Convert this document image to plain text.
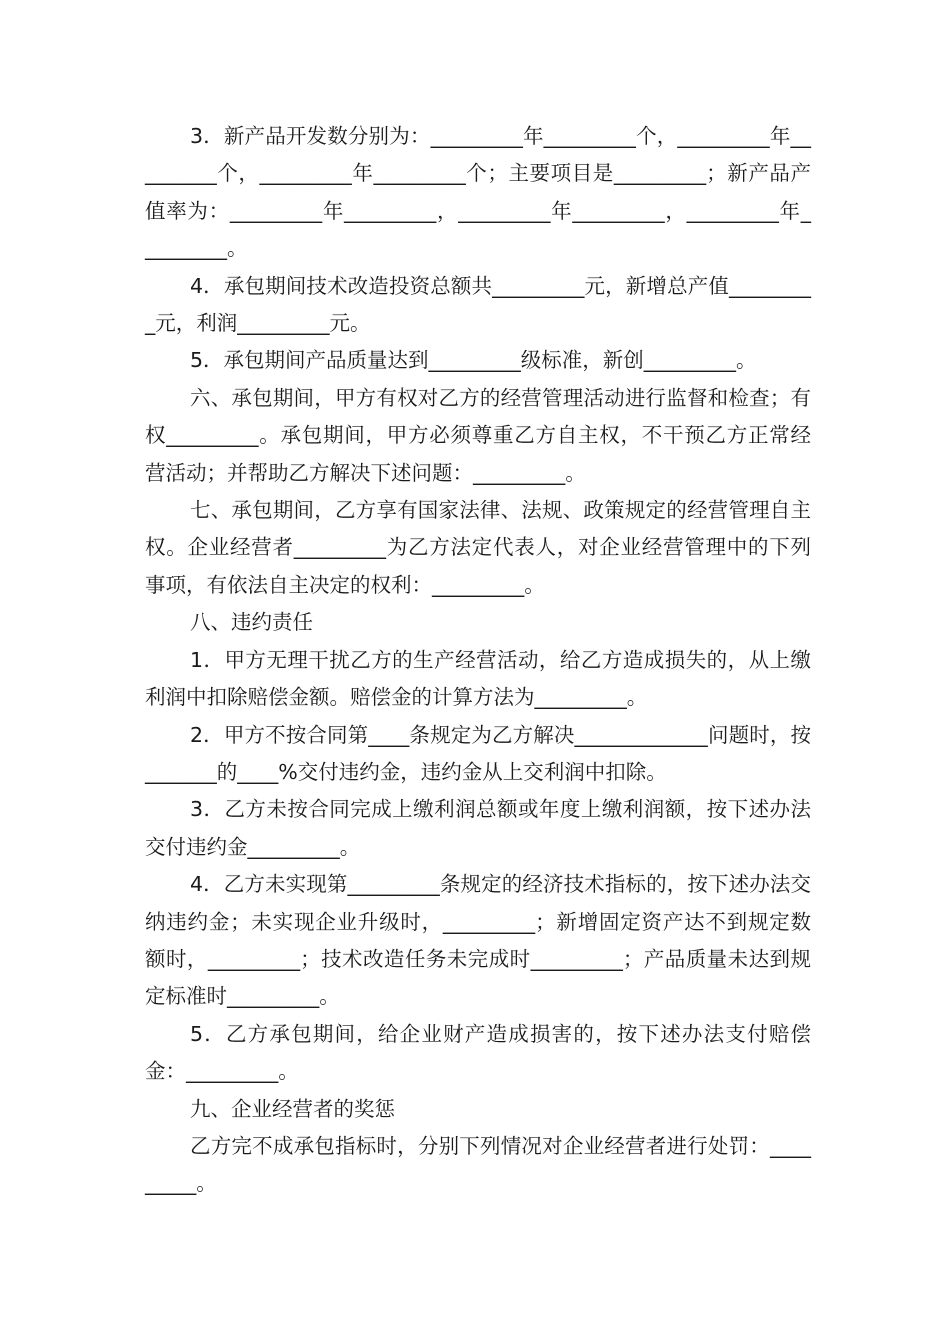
3．新产品开发数分别为：_________年_________个，_________年_________个，_________年_________个；主要项目是_________；新产品产值率为：_________年_________，_________年_________，_________年_________。

4．承包期间技术改造投资总额共_________元，新增总产值_________元，利润_________元。

5．承包期间产品质量达到_________级标准，新创_________。

六、承包期间，甲方有权对乙方的经营管理活动进行监督和检查；有权_________。承包期间，甲方必须尊重乙方自主权，不干预乙方正常经营活动；并帮助乙方解决下述问题：_________。

七、承包期间，乙方享有国家法律、法规、政策规定的经营管理自主权。企业经营者_________为乙方法定代表人，对企业经营管理中的下列事项，有依法自主决定的权利：_________。

八、违约责任

1．甲方无理干扰乙方的生产经营活动，给乙方造成损失的，从上缴利润中扣除赔偿金额。赔偿金的计算方法为_________。

2．甲方不按合同第____条规定为乙方解决_____________问题时，按_______的____%交付违约金，违约金从上交利润中扣除。

3．乙方未按合同完成上缴利润总额或年度上缴利润额，按下述办法交付违约金_________。

4．乙方未实现第_________条规定的经济技术指标的，按下述办法交纳违约金；未实现企业升级时，_________；新增固定资产达不到规定数额时，_________；技术改造任务未完成时_________；产品质量未达到规定标准时_________。

5．乙方承包期间，给企业财产造成损害的，按下述办法支付赔偿金：_________。

九、企业经营者的奖惩

乙方完不成承包指标时，分别下列情况对企业经营者进行处罚：_________。
